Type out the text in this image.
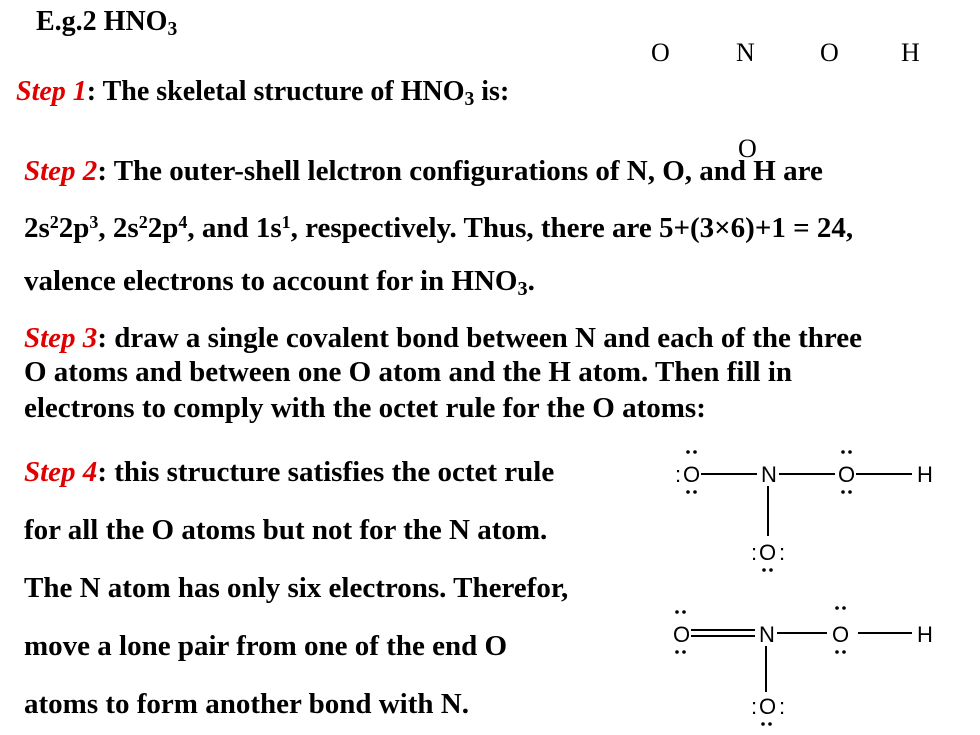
E.g.2 $HNO_3$
O	N	O H
O
Step 1: The skeletal structure of $HNO_3$ is:
Step 2: The outer-shell lelctron configurations of N, O, and H are
$2s^22p^3$, $2s^22p^4$, and $1s^1$, respectively. Thus, there are 5+(3×6)+1 = 24,
valence electrons to account for in $HNO_3$.
Step 3: draw a single covalent bond between N and each of the three
O atoms and between one O atom and the H atom. Then fill in
electrons to comply with the octet rule for the O atoms:
Step 4: this structure satisfies the octet rule
for all the O atoms but not for the N atom.
The N atom has only six electrons. Therefor,
move a lone pair from one of the end O
atoms to form another bond with N.
: O	N	O	H
: O :
O	N	O	H
: O :
